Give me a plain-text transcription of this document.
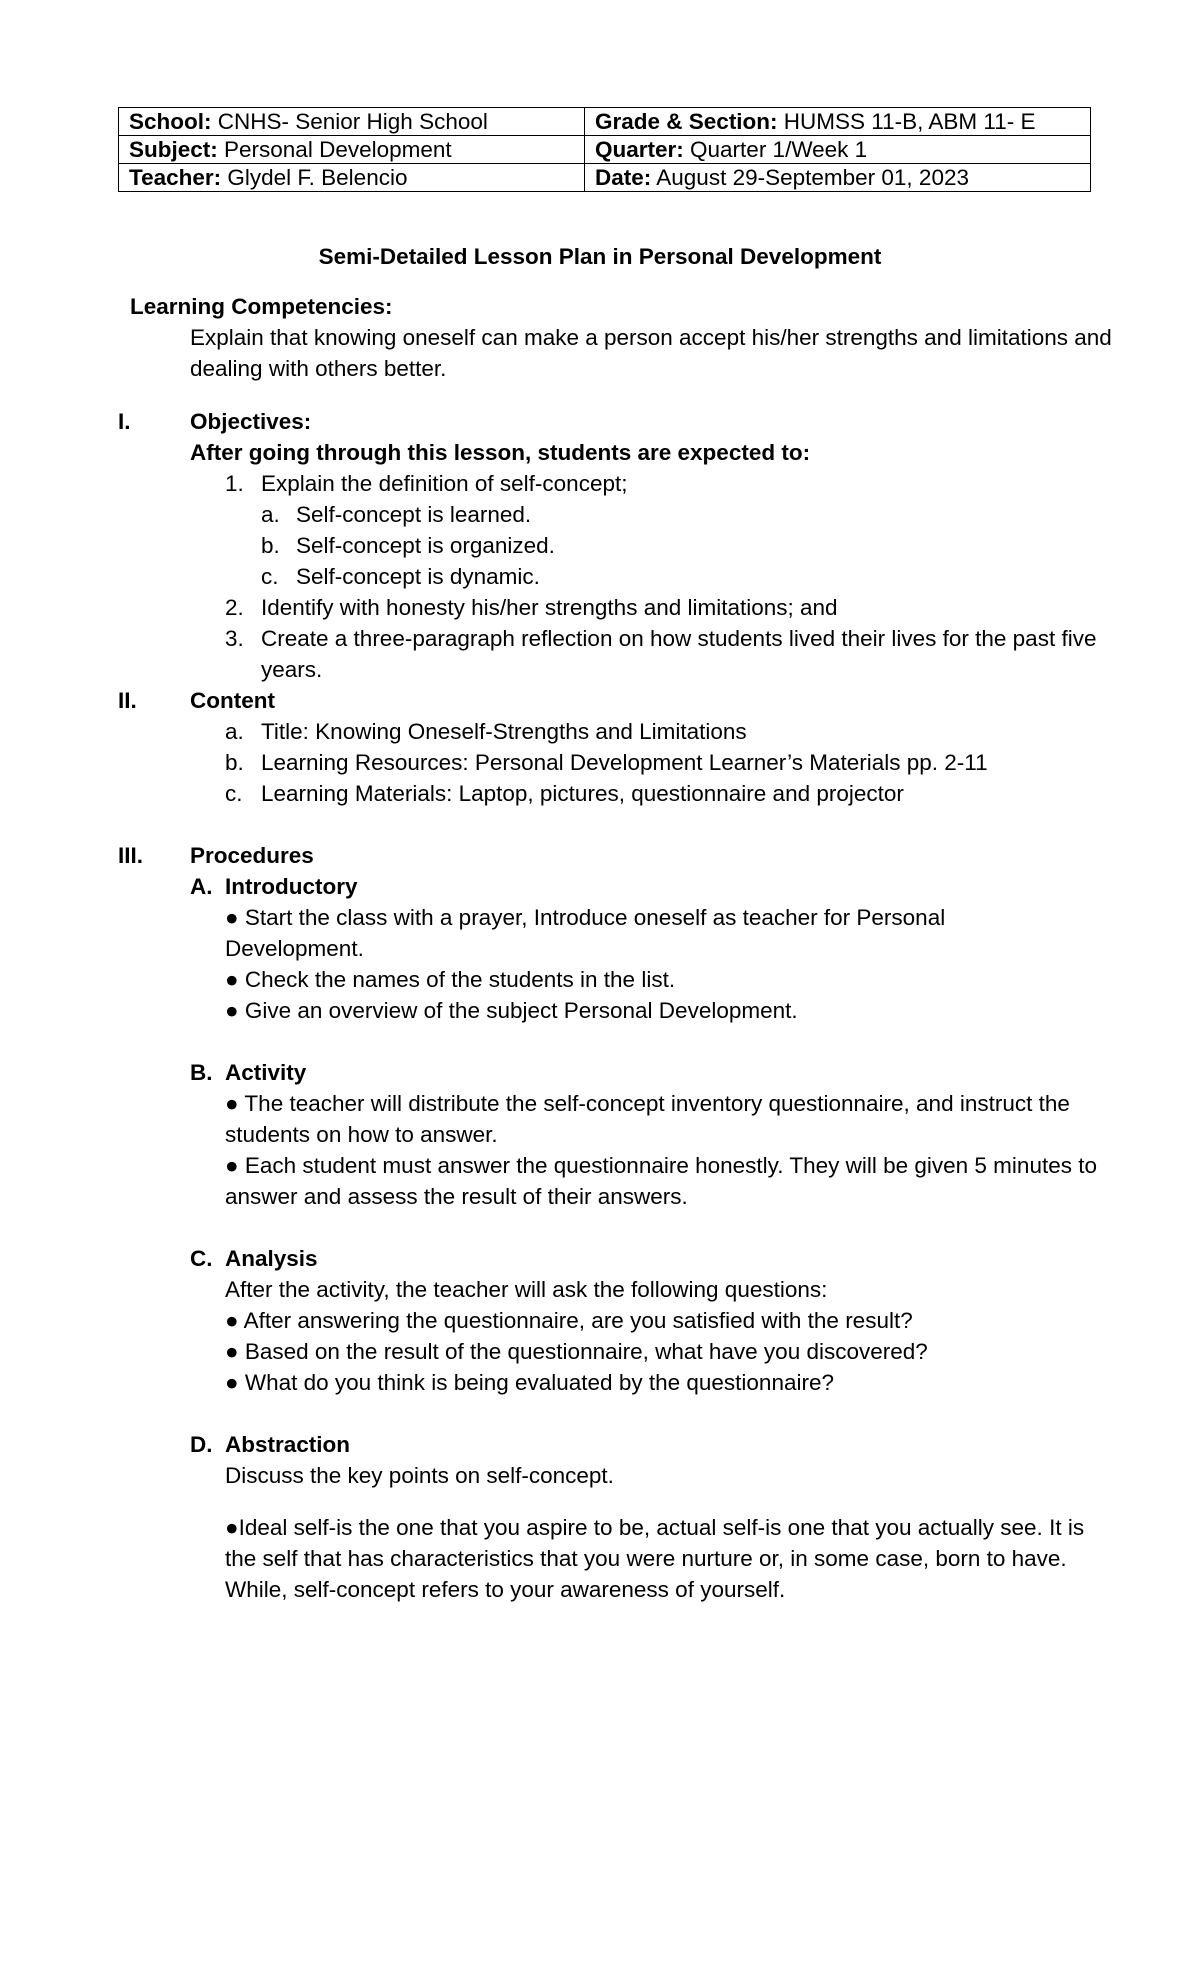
School: CNHS- Senior High School	Grade & Section: HUMSS 11-B, ABM 11- E
Subject: Personal Development	Quarter: Quarter 1/Week 1
Teacher: Glydel F. Belencio	Date: August 29-September 01, 2023
Semi-Detailed Lesson Plan in Personal Development
Learning Competencies:
Explain that knowing oneself can make a person accept his/her strengths and limitations and dealing with others better.
I.	Objectives:
After going through this lesson, students are expected to:
1. Explain the definition of self-concept;
a. Self-concept is learned.
b. Self-concept is organized.
c. Self-concept is dynamic.
2. Identify with honesty his/her strengths and limitations; and
3. Create a three-paragraph reflection on how students lived their lives for the past five years.
II. Content
a. Title: Knowing Oneself-Strengths and Limitations
b. Learning Resources: Personal Development Learner’s Materials pp. 2-11
c. Learning Materials: Laptop, pictures, questionnaire and projector
III. Procedures
A. Introductory
● Start the class with a prayer, Introduce oneself as teacher for Personal Development.
● Check the names of the students in the list.
● Give an overview of the subject Personal Development.
B. Activity
● The teacher will distribute the self-concept inventory questionnaire, and instruct the students on how to answer.
● Each student must answer the questionnaire honestly. They will be given 5 minutes to answer and assess the result of their answers.
C. Analysis
After the activity, the teacher will ask the following questions:
● After answering the questionnaire, are you satisfied with the result?
● Based on the result of the questionnaire, what have you discovered?
● What do you think is being evaluated by the questionnaire?
D. Abstraction
Discuss the key points on self-concept.
●Ideal self-is the one that you aspire to be, actual self-is one that you actually see. It is the self that has characteristics that you were nurture or, in some case, born to have. While, self-concept refers to your awareness of yourself.
